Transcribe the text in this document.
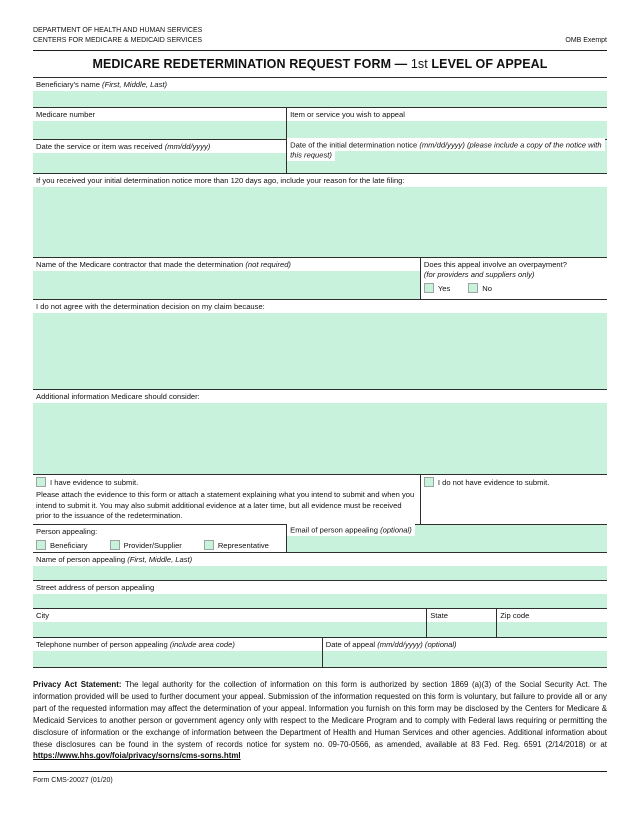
DEPARTMENT OF HEALTH AND HUMAN SERVICES
CENTERS FOR MEDICARE & MEDICAID SERVICES	OMB Exempt
MEDICARE REDETERMINATION REQUEST FORM — 1st LEVEL OF APPEAL
Beneficiary's name (First, Middle, Last)
Medicare number	Item or service you wish to appeal
Date the service or item was received (mm/dd/yyyy)	Date of the initial determination notice (mm/dd/yyyy) (please include a copy of the notice with this request)
If you received your initial determination notice more than 120 days ago, include your reason for the late filing:
Name of the Medicare contractor that made the determination (not required)	Does this appeal involve an overpayment?
(for providers and suppliers only)
Yes	No
I do not agree with the determination decision on my claim because:
Additional information Medicare should consider:
I have evidence to submit.
Please attach the evidence to this form or attach a statement explaining what you intend to submit and when you intend to submit it. You may also submit additional evidence at a later time, but all evidence must be received prior to the issuance of the redetermination.
I do not have evidence to submit.
Person appealing:
Beneficiary	Provider/Supplier	Representative
Email of person appealing (optional)
Name of person appealing (First, Middle, Last)
Street address of person appealing
City	State	Zip code
Telephone number of person appealing (include area code)	Date of appeal (mm/dd/yyyy) (optional)
Privacy Act Statement: The legal authority for the collection of information on this form is authorized by section 1869 (a)(3) of the Social Security Act. The information provided will be used to further document your appeal. Submission of the information requested on this form is voluntary, but failure to provide all or any part of the requested information may affect the determination of your appeal. Information you furnish on this form may be disclosed by the Centers for Medicare & Medicaid Services to another person or government agency only with respect to the Medicare Program and to comply with Federal laws requiring or permitting the disclosure of information or the exchange of information between the Department of Health and Human Services and other agencies. Additional information about these disclosures can be found in the system of records notice for system no. 09-70-0566, as amended, available at 83 Fed. Reg. 6591 (2/14/2018) or at https://www.hhs.gov/foia/privacy/sorns/cms-sorns.html
Form CMS-20027 (01/20)
